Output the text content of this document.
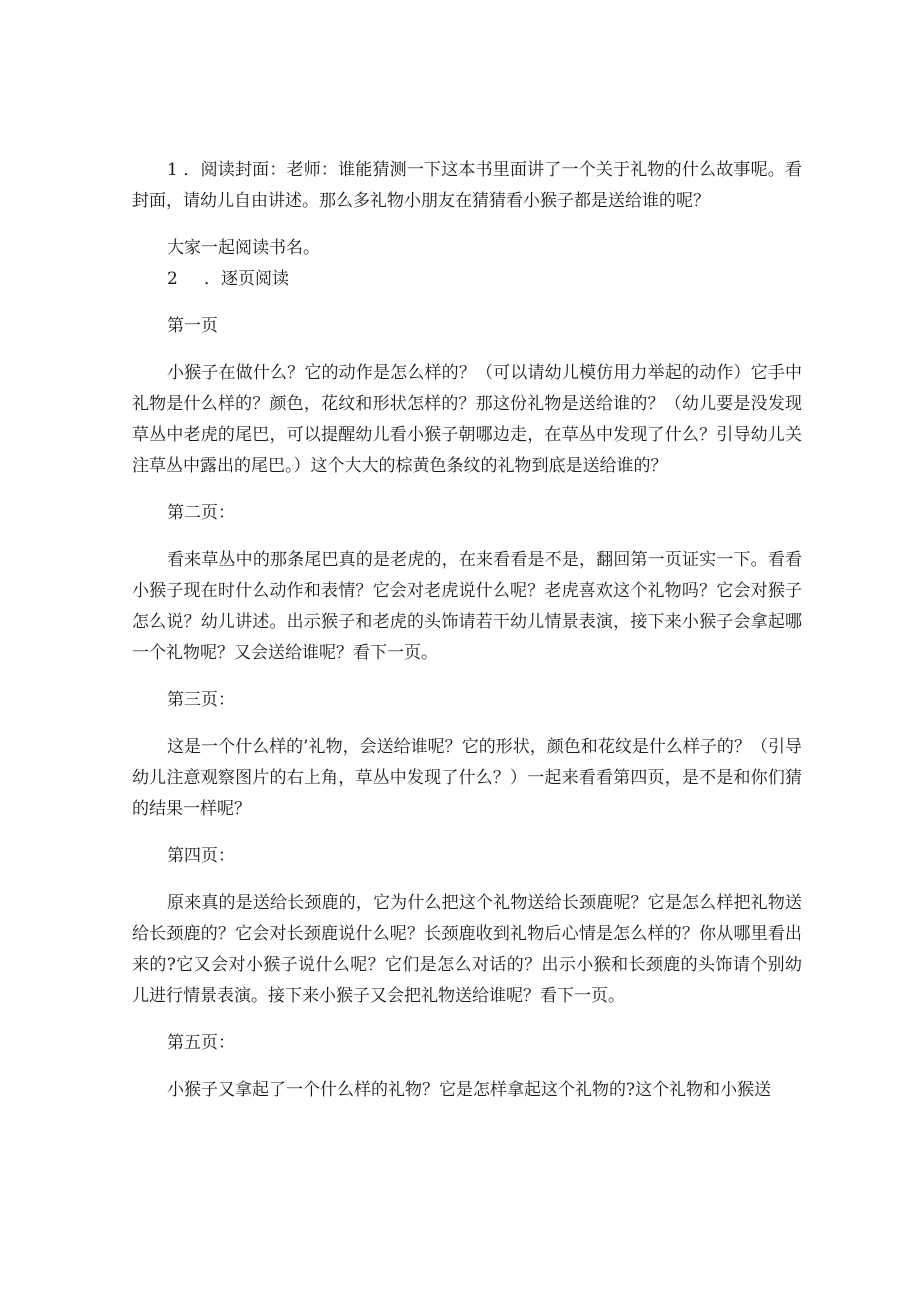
1 ．阅读封面：老师：谁能猜测一下这本书里面讲了一个关于礼物的什么故事呢。看封面，请幼儿自由讲述。那么多礼物小朋友在猜猜看小猴子都是送给谁的呢？

大家一起阅读书名。

2 ．逐页阅读

第一页

小猴子在做什么？它的动作是怎么样的？（可以请幼儿模仿用力举起的动作）它手中礼物是什么样的？颜色，花纹和形状怎样的？那这份礼物是送给谁的？（幼儿要是没发现草丛中老虎的尾巴，可以提醒幼儿看小猴子朝哪边走，在草丛中发现了什么？引导幼儿关注草丛中露出的尾巴。）这个大大的棕黄色条纹的礼物到底是送给谁的？

第二页：

看来草丛中的那条尾巴真的是老虎的，在来看看是不是，翻回第一页证实一下。看看小猴子现在时什么动作和表情？它会对老虎说什么呢？老虎喜欢这个礼物吗？它会对猴子怎么说？幼儿讲述。出示猴子和老虎的头饰请若干幼儿情景表演，接下来小猴子会拿起哪一个礼物呢？又会送给谁呢？看下一页。

第三页：

这是一个什么样的’礼物，会送给谁呢？它的形状，颜色和花纹是什么样子的？（引导幼儿注意观察图片的右上角，草丛中发现了什么？）一起来看看第四页，是不是和你们猜的结果一样呢？

第四页：

原来真的是送给长颈鹿的，它为什么把这个礼物送给长颈鹿呢？它是怎么样把礼物送给长颈鹿的？它会对长颈鹿说什么呢？长颈鹿收到礼物后心情是怎么样的？你从哪里看出来的?它又会对小猴子说什么呢？它们是怎么对话的？出示小猴和长颈鹿的头饰请个别幼儿进行情景表演。接下来小猴子又会把礼物送给谁呢？看下一页。

第五页：

小猴子又拿起了一个什么样的礼物？它是怎样拿起这个礼物的?这个礼物和小猴送
